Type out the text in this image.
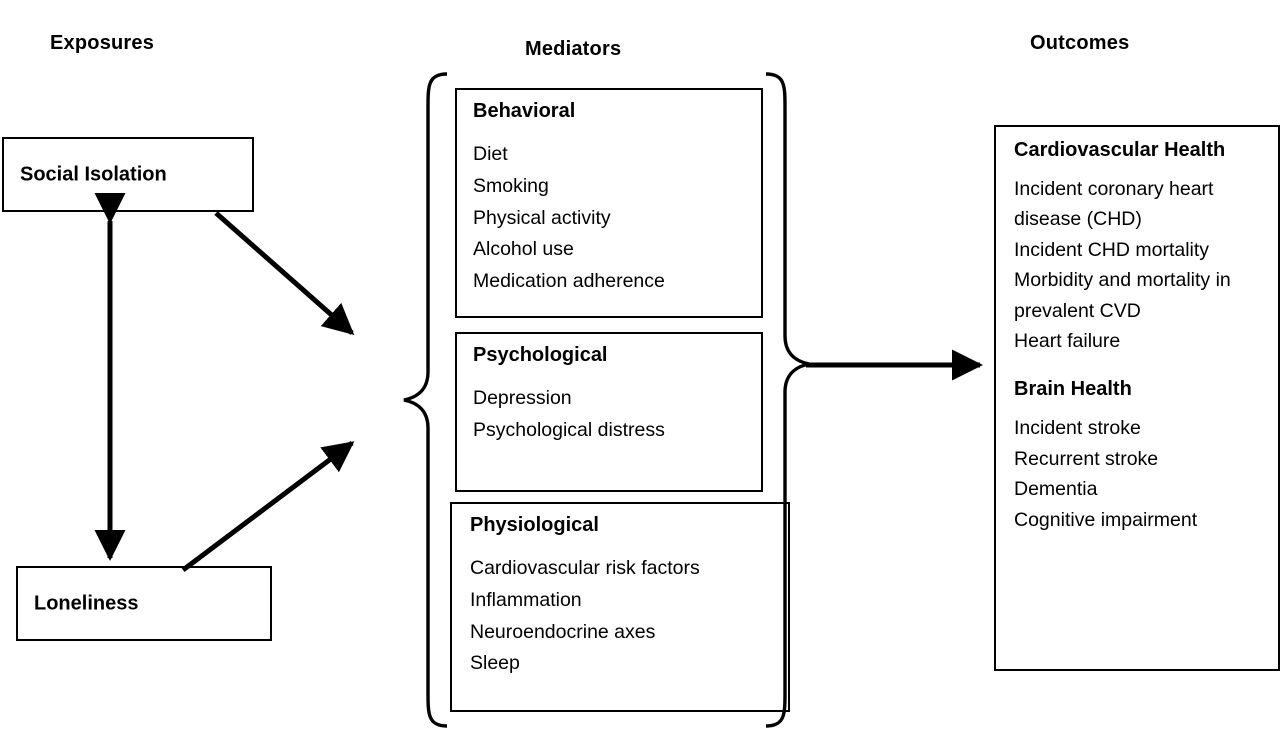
Exposures	Mediators	Outcomes
Social Isolation
Loneliness

Behavioral

Diet
Smoking
Physical activity
Alcohol use
Medication adherence

Psychological

Depression
Psychological distress

Physiological

Cardiovascular risk factors
Inflammation
Neuroendocrine axes
Sleep

Cardiovascular Health

Incident coronary heart disease (CHD)
Incident CHD mortality
Morbidity and mortality in prevalent CVD
Heart failure

Brain Health

Incident stroke
Recurrent stroke
Dementia
Cognitive impairment
